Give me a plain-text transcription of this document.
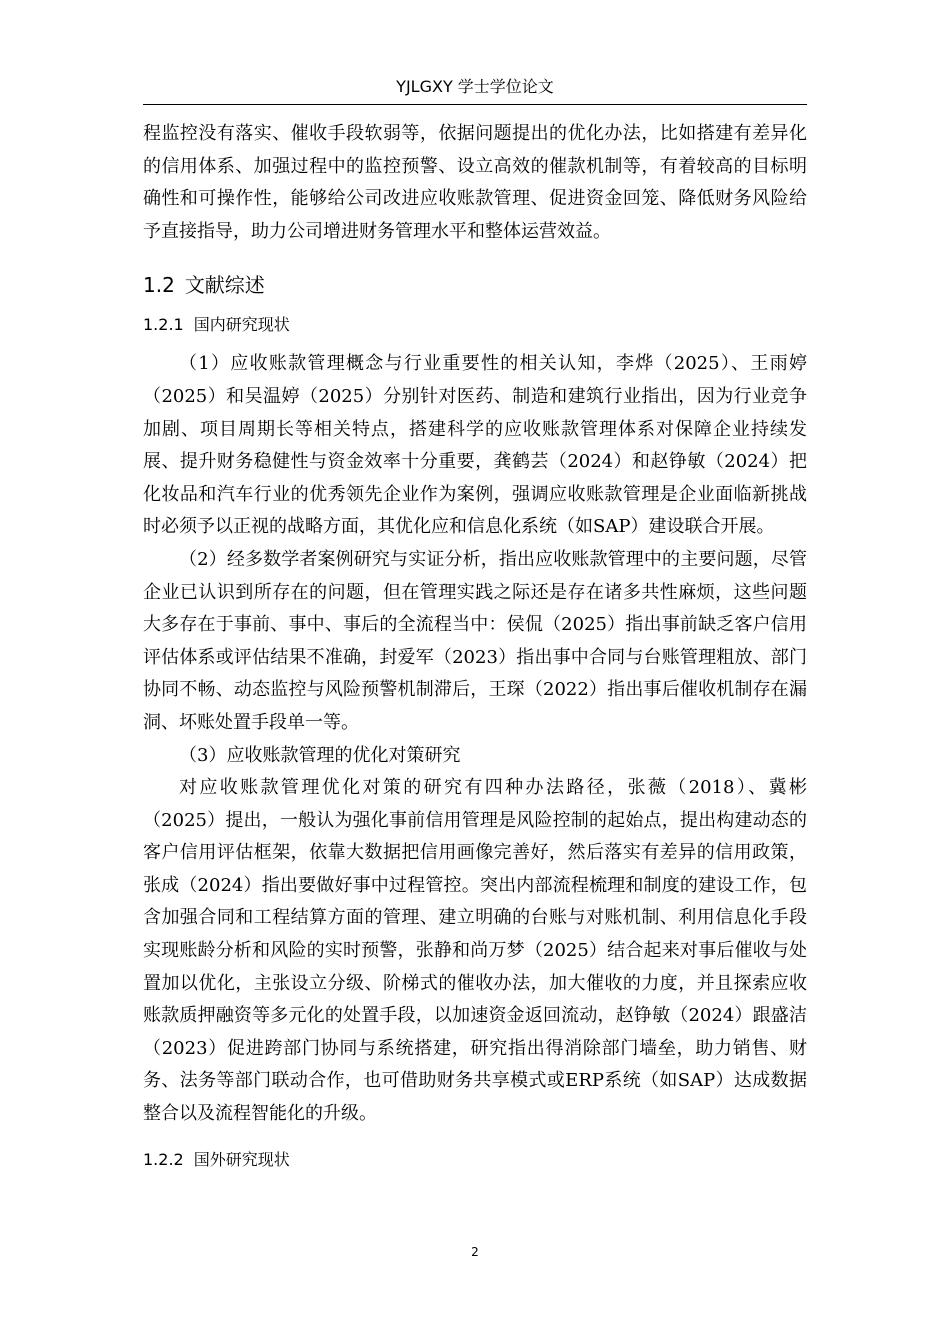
YJLGXY 学士学位论文

程监控没有落实、催收手段软弱等，依据问题提出的优化办法，比如搭建有差异化的信用体系、加强过程中的监控预警、设立高效的催款机制等，有着较高的目标明确性和可操作性，能够给公司改进应收账款管理、促进资金回笼、降低财务风险给予直接指导，助力公司增进财务管理水平和整体运营效益。

1.2 文献综述
1.2.1 国内研究现状

（1）应收账款管理概念与行业重要性的相关认知，李烨（2025）、王雨婷（2025）和吴温婷（2025）分别针对医药、制造和建筑行业指出，因为行业竞争加剧、项目周期长等相关特点，搭建科学的应收账款管理体系对保障企业持续发展、提升财务稳健性与资金效率十分重要，龚鹤芸（2024）和赵铮敏（2024）把化妆品和汽车行业的优秀领先企业作为案例，强调应收账款管理是企业面临新挑战时必须予以正视的战略方面，其优化应和信息化系统（如SAP）建设联合开展。

（2）经多数学者案例研究与实证分析，指出应收账款管理中的主要问题，尽管企业已认识到所存在的问题，但在管理实践之际还是存在诸多共性麻烦，这些问题大多存在于事前、事中、事后的全流程当中：侯侃（2025）指出事前缺乏客户信用评估体系或评估结果不准确，封爱军（2023）指出事中合同与台账管理粗放、部门协同不畅、动态监控与风险预警机制滞后，王琛（2022）指出事后催收机制存在漏洞、坏账处置手段单一等。

（3）应收账款管理的优化对策研究

对应收账款管理优化对策的研究有四种办法路径，张薇（2018）、冀彬（2025）提出，一般认为强化事前信用管理是风险控制的起始点，提出构建动态的客户信用评估框架，依靠大数据把信用画像完善好，然后落实有差异的信用政策，张成（2024）指出要做好事中过程管控。突出内部流程梳理和制度的建设工作，包含加强合同和工程结算方面的管理、建立明确的台账与对账机制、利用信息化手段实现账龄分析和风险的实时预警，张静和尚万梦（2025）结合起来对事后催收与处置加以优化，主张设立分级、阶梯式的催收办法，加大催收的力度，并且探索应收账款质押融资等多元化的处置手段，以加速资金返回流动，赵铮敏（2024）跟盛洁（2023）促进跨部门协同与系统搭建，研究指出得消除部门墙垒，助力销售、财务、法务等部门联动合作，也可借助财务共享模式或ERP系统（如SAP）达成数据整合以及流程智能化的升级。

1.2.2 国外研究现状
2
